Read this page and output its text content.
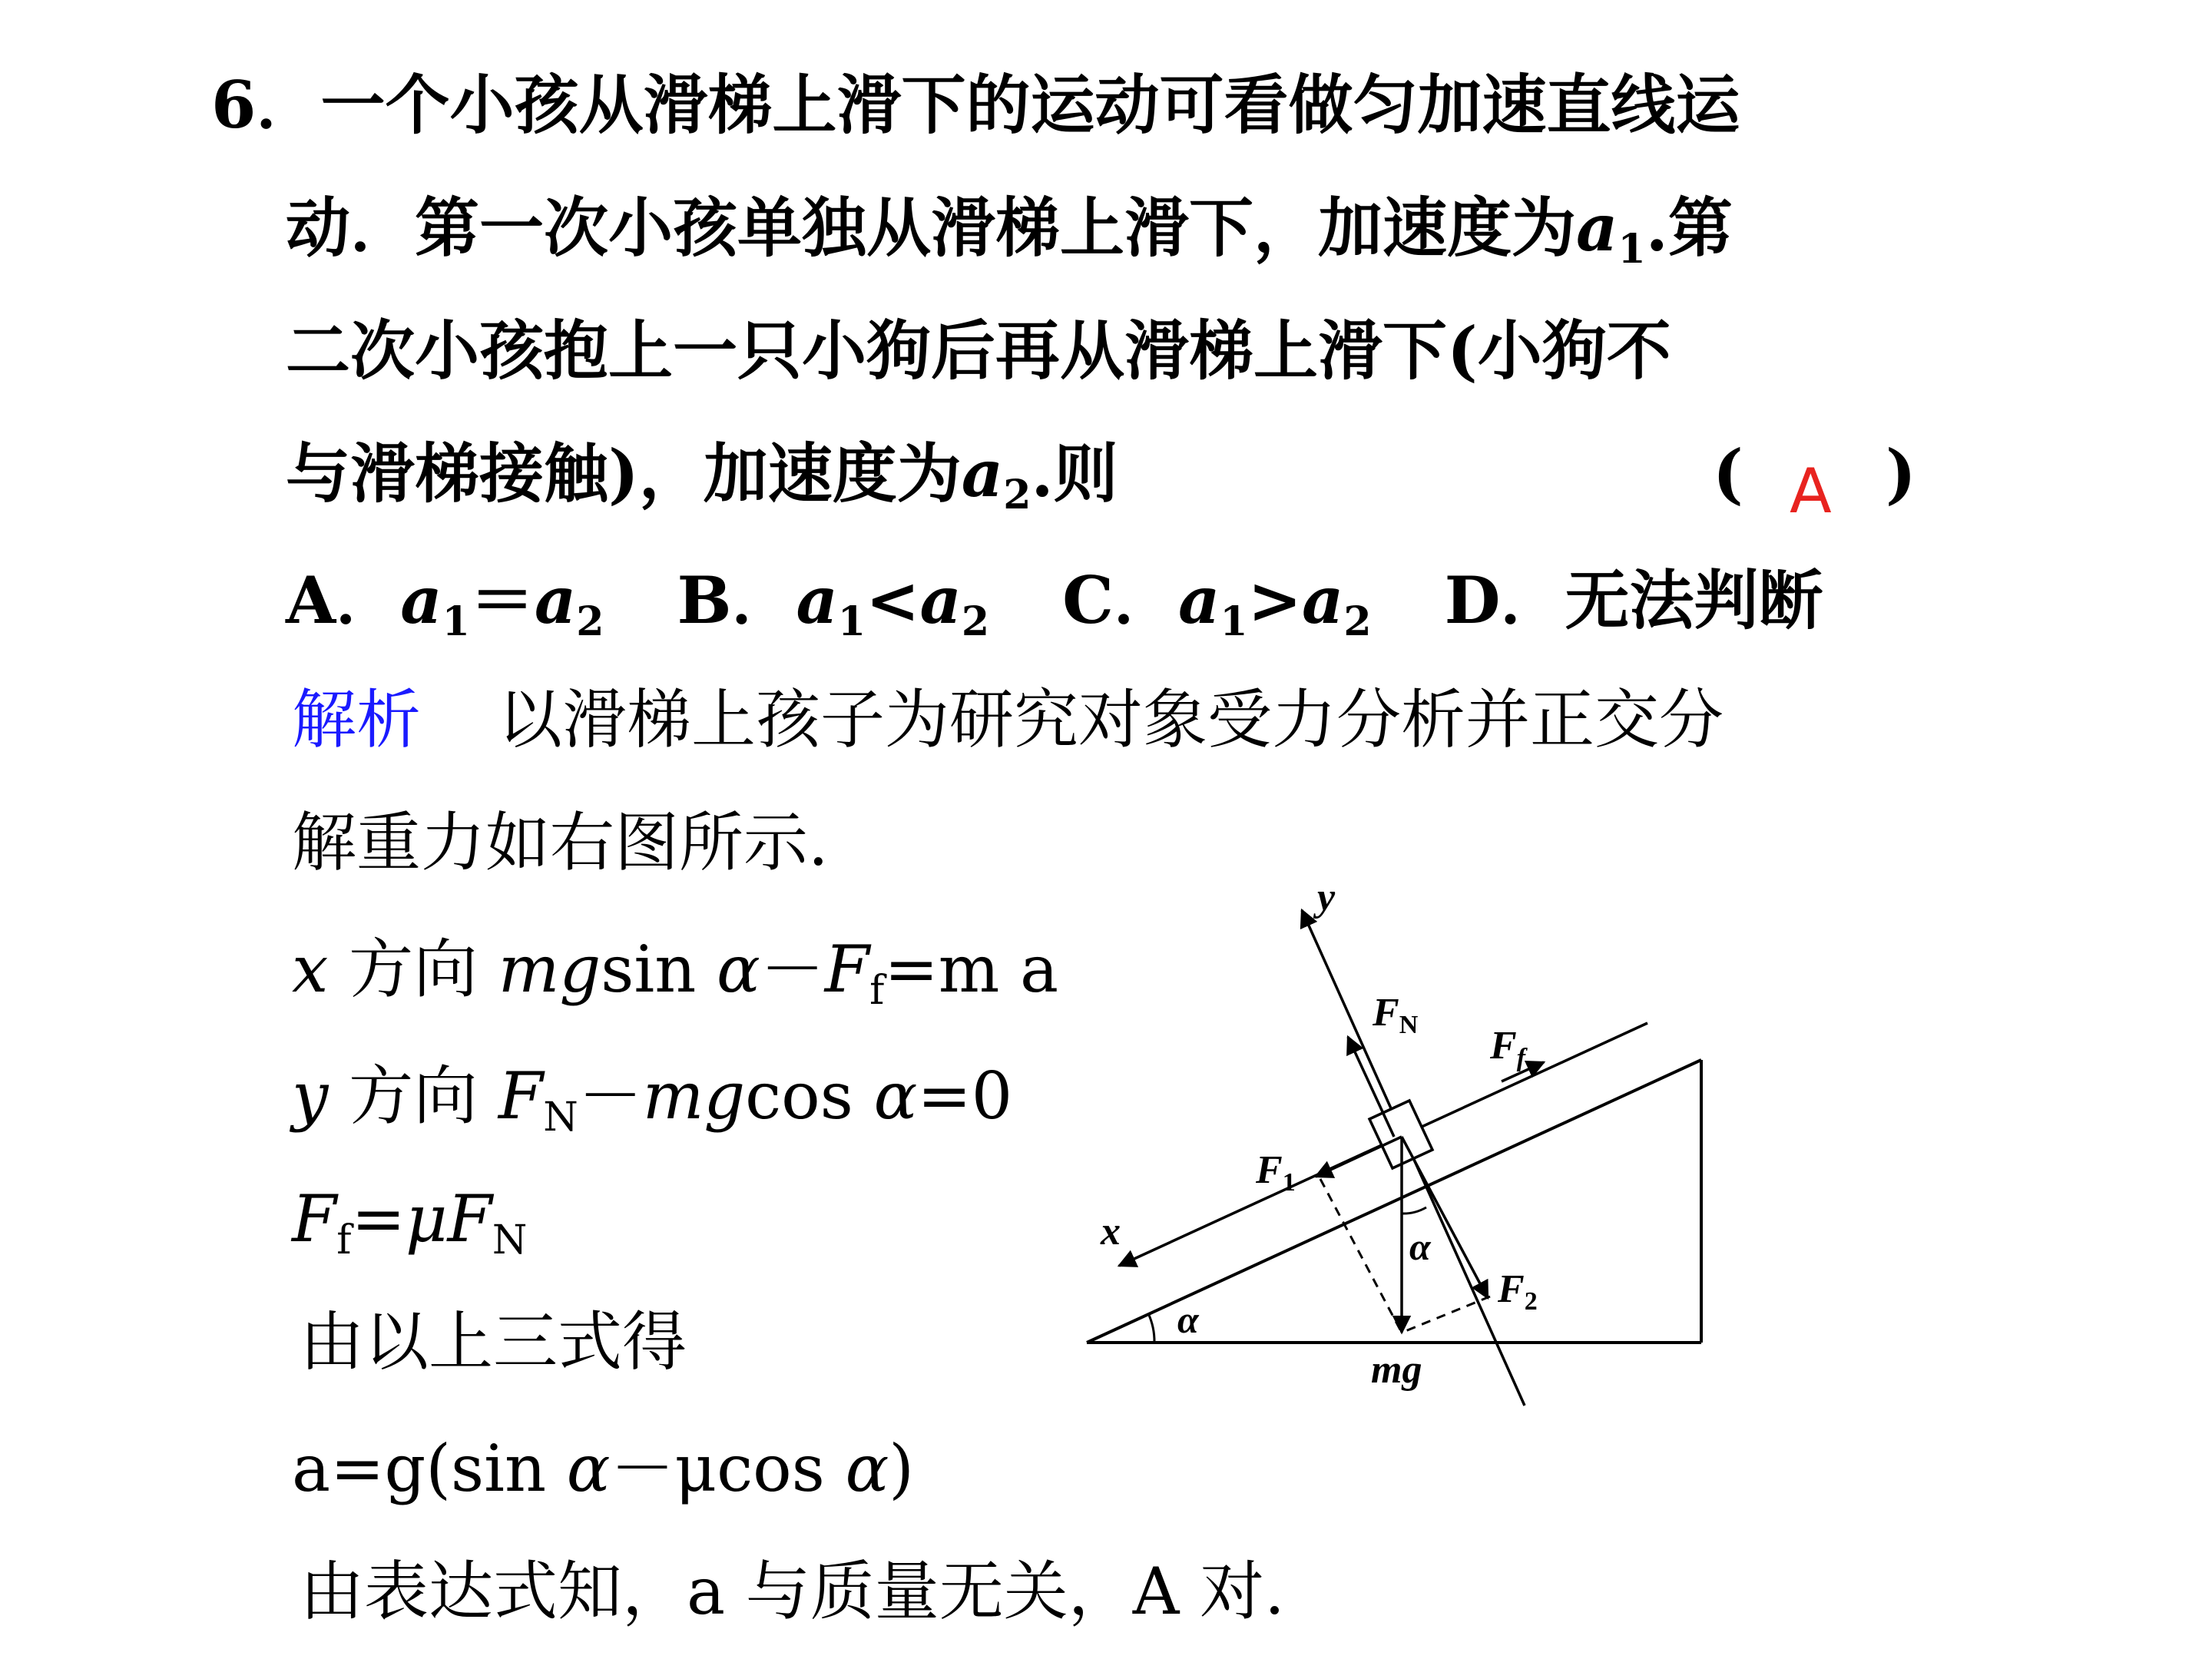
6．一个小孩从滑梯上滑下的运动可看做匀加速直线运
动．第一次小孩单独从滑梯上滑下，加速度为$a_1$.第
二次小孩抱上一只小狗后再从滑梯上滑下(小狗不
与滑梯接触)，加速度为$a_2$.则	( A )
A．$a_1=a_2$ B．$a_1<a_2$ C．$a_1>a_2$ D．无法判断
解析 以滑梯上孩子为研究对象受力分析并正交分
解重力如右图所示.
x 方向 mgsin $\alpha-F_f=m$ a
y 方向 $F_N-mgcos$ α=0
$F_f=\mu F_N$
由以上三式得
a=g(sin α－μcos α)
由表达式知，a 与质量无关，A 对.
y
x
FN Ff
F1
F2
mg
α
α
